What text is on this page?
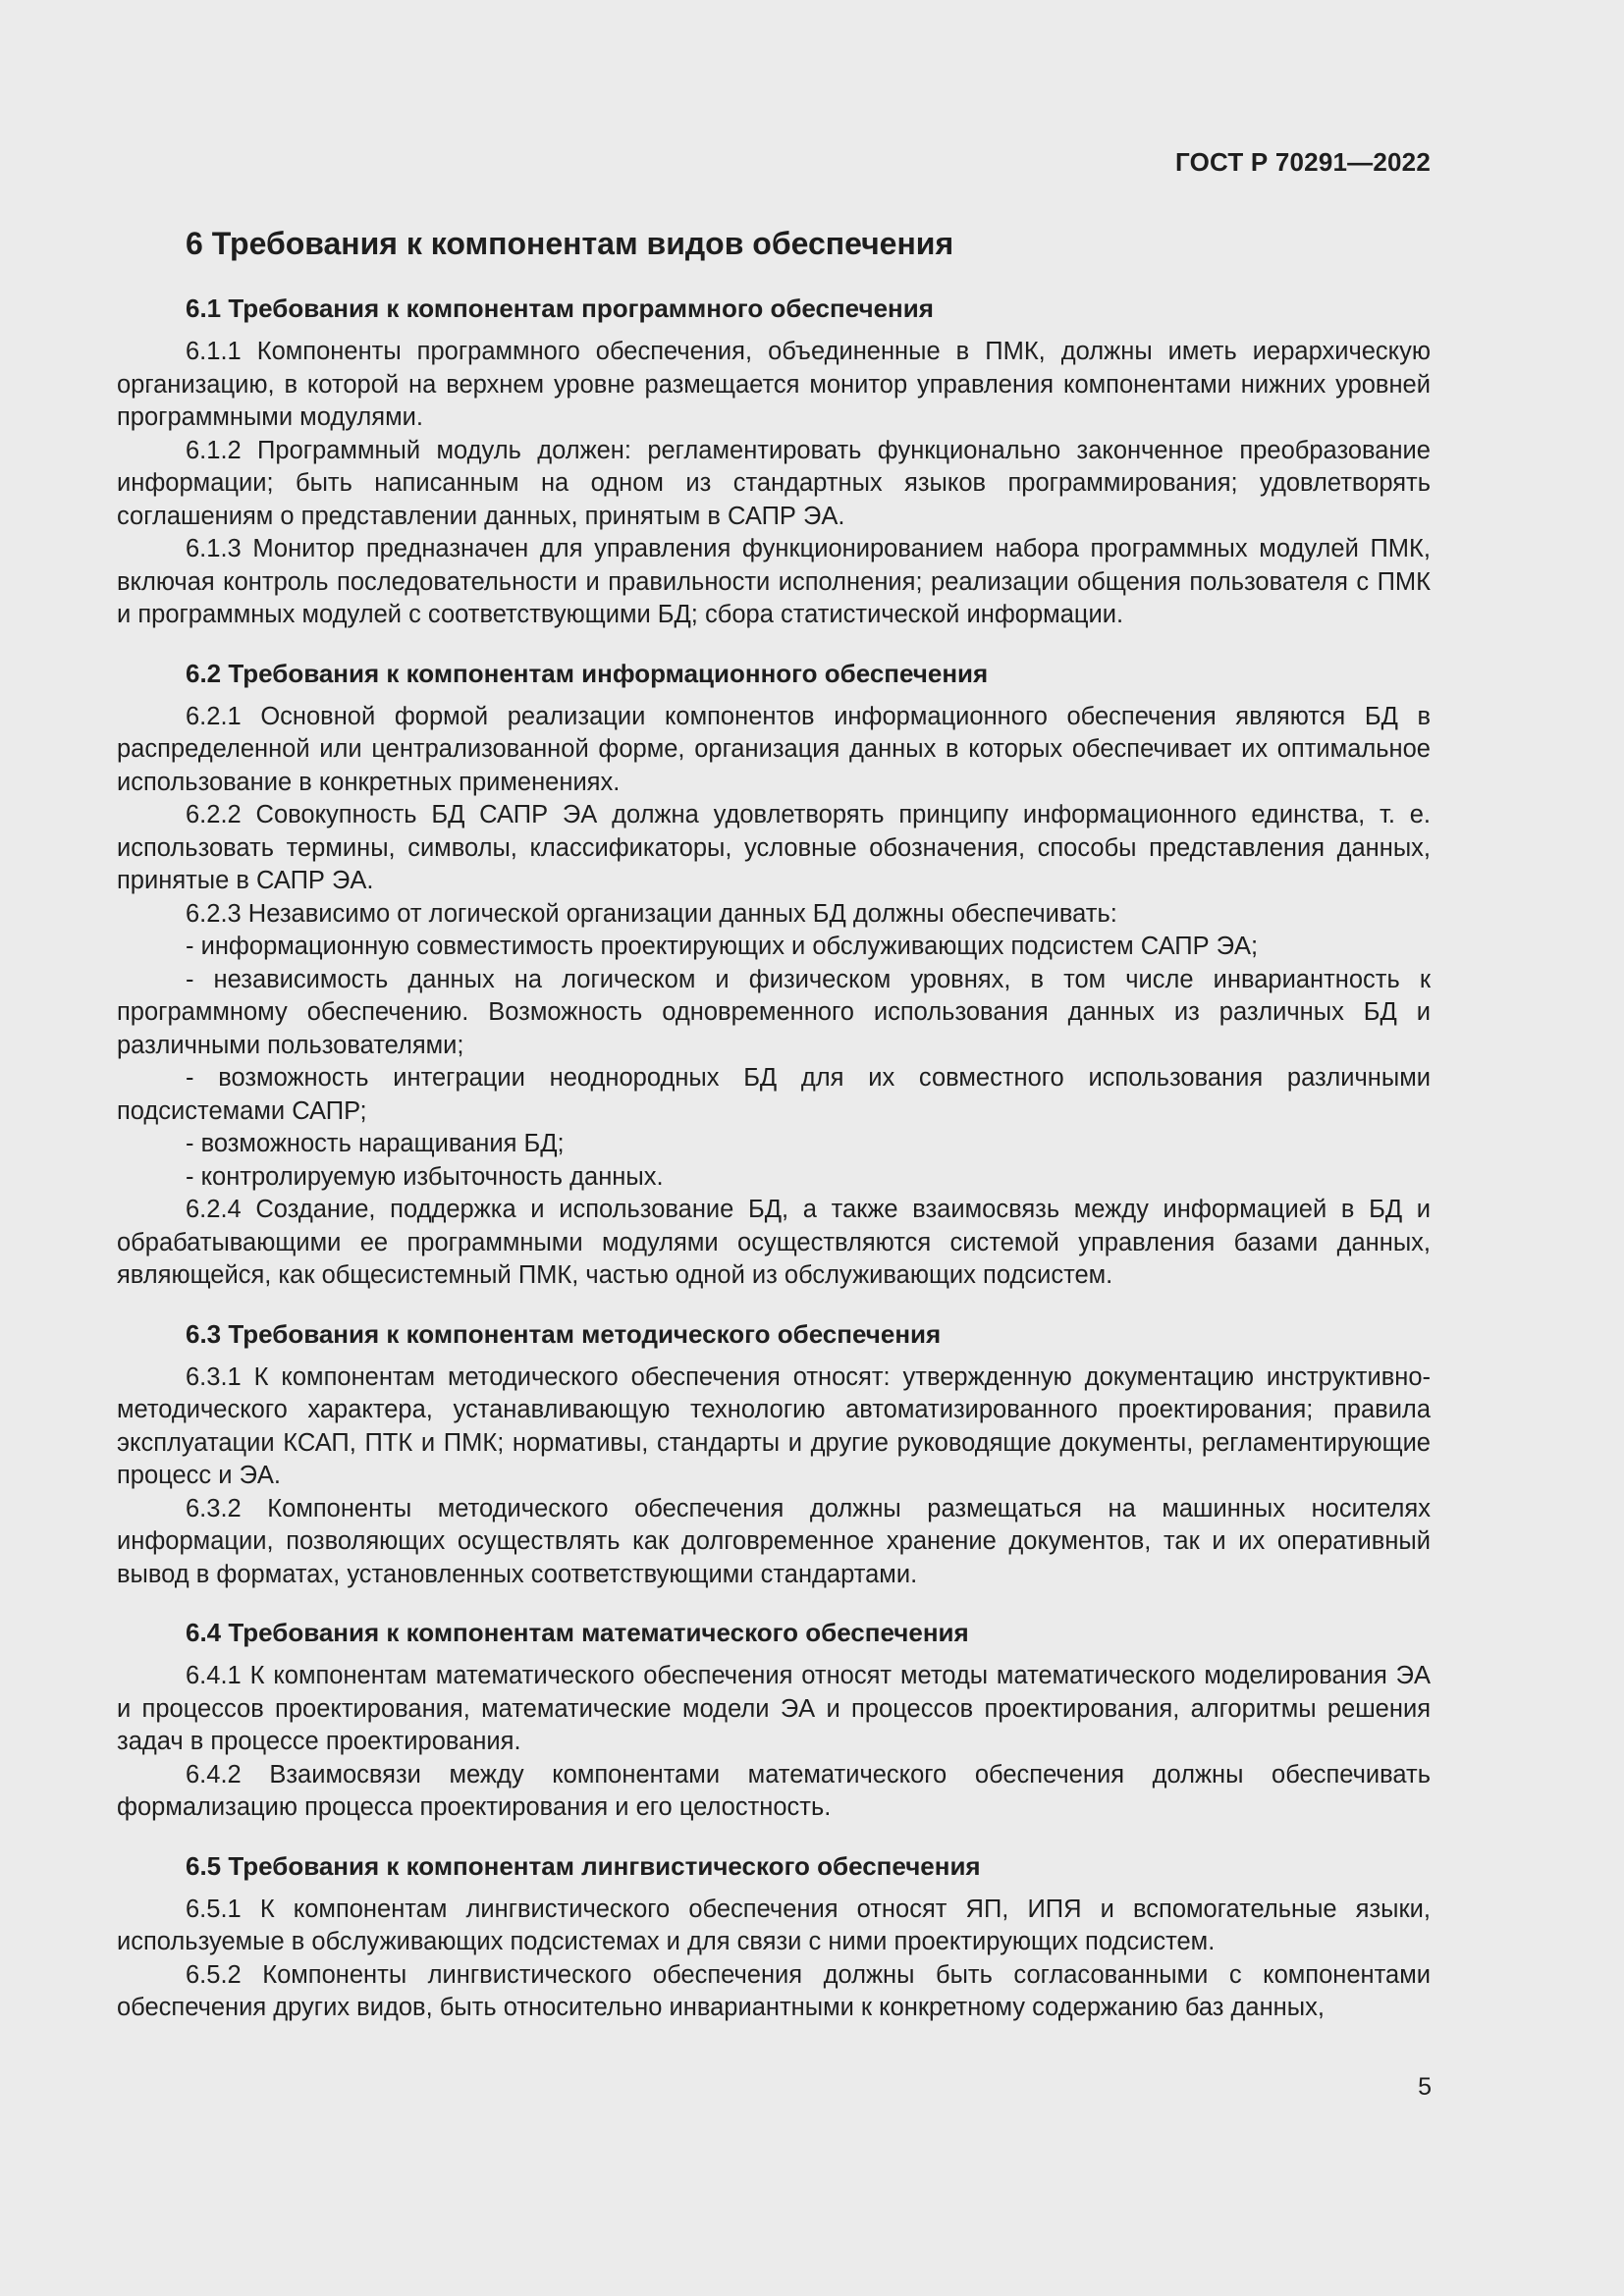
ГОСТ Р 70291—2022
6 Требования к компонентам видов обеспечения
6.1 Требования к компонентам программного обеспечения

6.1.1 Компоненты программного обеспечения, объединенные в ПМК, должны иметь иерархическую организацию, в которой на верхнем уровне размещается монитор управления компонентами нижних уровней программными модулями.

6.1.2 Программный модуль должен: регламентировать функционально законченное преобразование информации; быть написанным на одном из стандартных языков программирования; удовлетворять соглашениям о представлении данных, принятым в САПР ЭА.

6.1.3 Монитор предназначен для управления функционированием набора программных модулей ПМК, включая контроль последовательности и правильности исполнения; реализации общения пользователя с ПМК и программных модулей с соответствующими БД; сбора статистической информации.

6.2 Требования к компонентам информационного обеспечения

6.2.1 Основной формой реализации компонентов информационного обеспечения являются БД в распределенной или централизованной форме, организация данных в которых обеспечивает их оптимальное использование в конкретных применениях.

6.2.2 Совокупность БД САПР ЭА должна удовлетворять принципу информационного единства, т. е. использовать термины, символы, классификаторы, условные обозначения, способы представления данных, принятые в САПР ЭА.

6.2.3 Независимо от логической организации данных БД должны обеспечивать:

- информационную совместимость проектирующих и обслуживающих подсистем САПР ЭА;

- независимость данных на логическом и физическом уровнях, в том числе инвариантность к программному обеспечению. Возможность одновременного использования данных из различных БД и различными пользователями;

- возможность интеграции неоднородных БД для их совместного использования различными подсистемами САПР;

- возможность наращивания БД;

- контролируемую избыточность данных.

6.2.4 Создание, поддержка и использование БД, а также взаимосвязь между информацией в БД и обрабатывающими ее программными модулями осуществляются системой управления базами данных, являющейся, как общесистемный ПМК, частью одной из обслуживающих подсистем.

6.3 Требования к компонентам методического обеспечения

6.3.1 К компонентам методического обеспечения относят: утвержденную документацию инструктивно-методического характера, устанавливающую технологию автоматизированного проектирования; правила эксплуатации КСАП, ПТК и ПМК; нормативы, стандарты и другие руководящие документы, регламентирующие процесс и ЭА.

6.3.2 Компоненты методического обеспечения должны размещаться на машинных носителях информации, позволяющих осуществлять как долговременное хранение документов, так и их оперативный вывод в форматах, установленных соответствующими стандартами.

6.4 Требования к компонентам математического обеспечения

6.4.1 К компонентам математического обеспечения относят методы математического моделирования ЭА и процессов проектирования, математические модели ЭА и процессов проектирования, алгоритмы решения задач в процессе проектирования.

6.4.2 Взаимосвязи между компонентами математического обеспечения должны обеспечивать формализацию процесса проектирования и его целостность.

6.5 Требования к компонентам лингвистического обеспечения

6.5.1 К компонентам лингвистического обеспечения относят ЯП, ИПЯ и вспомогательные языки, используемые в обслуживающих подсистемах и для связи с ними проектирующих подсистем.

6.5.2 Компоненты лингвистического обеспечения должны быть согласованными с компонентами обеспечения других видов, быть относительно инвариантными к конкретному содержанию баз данных,

5
